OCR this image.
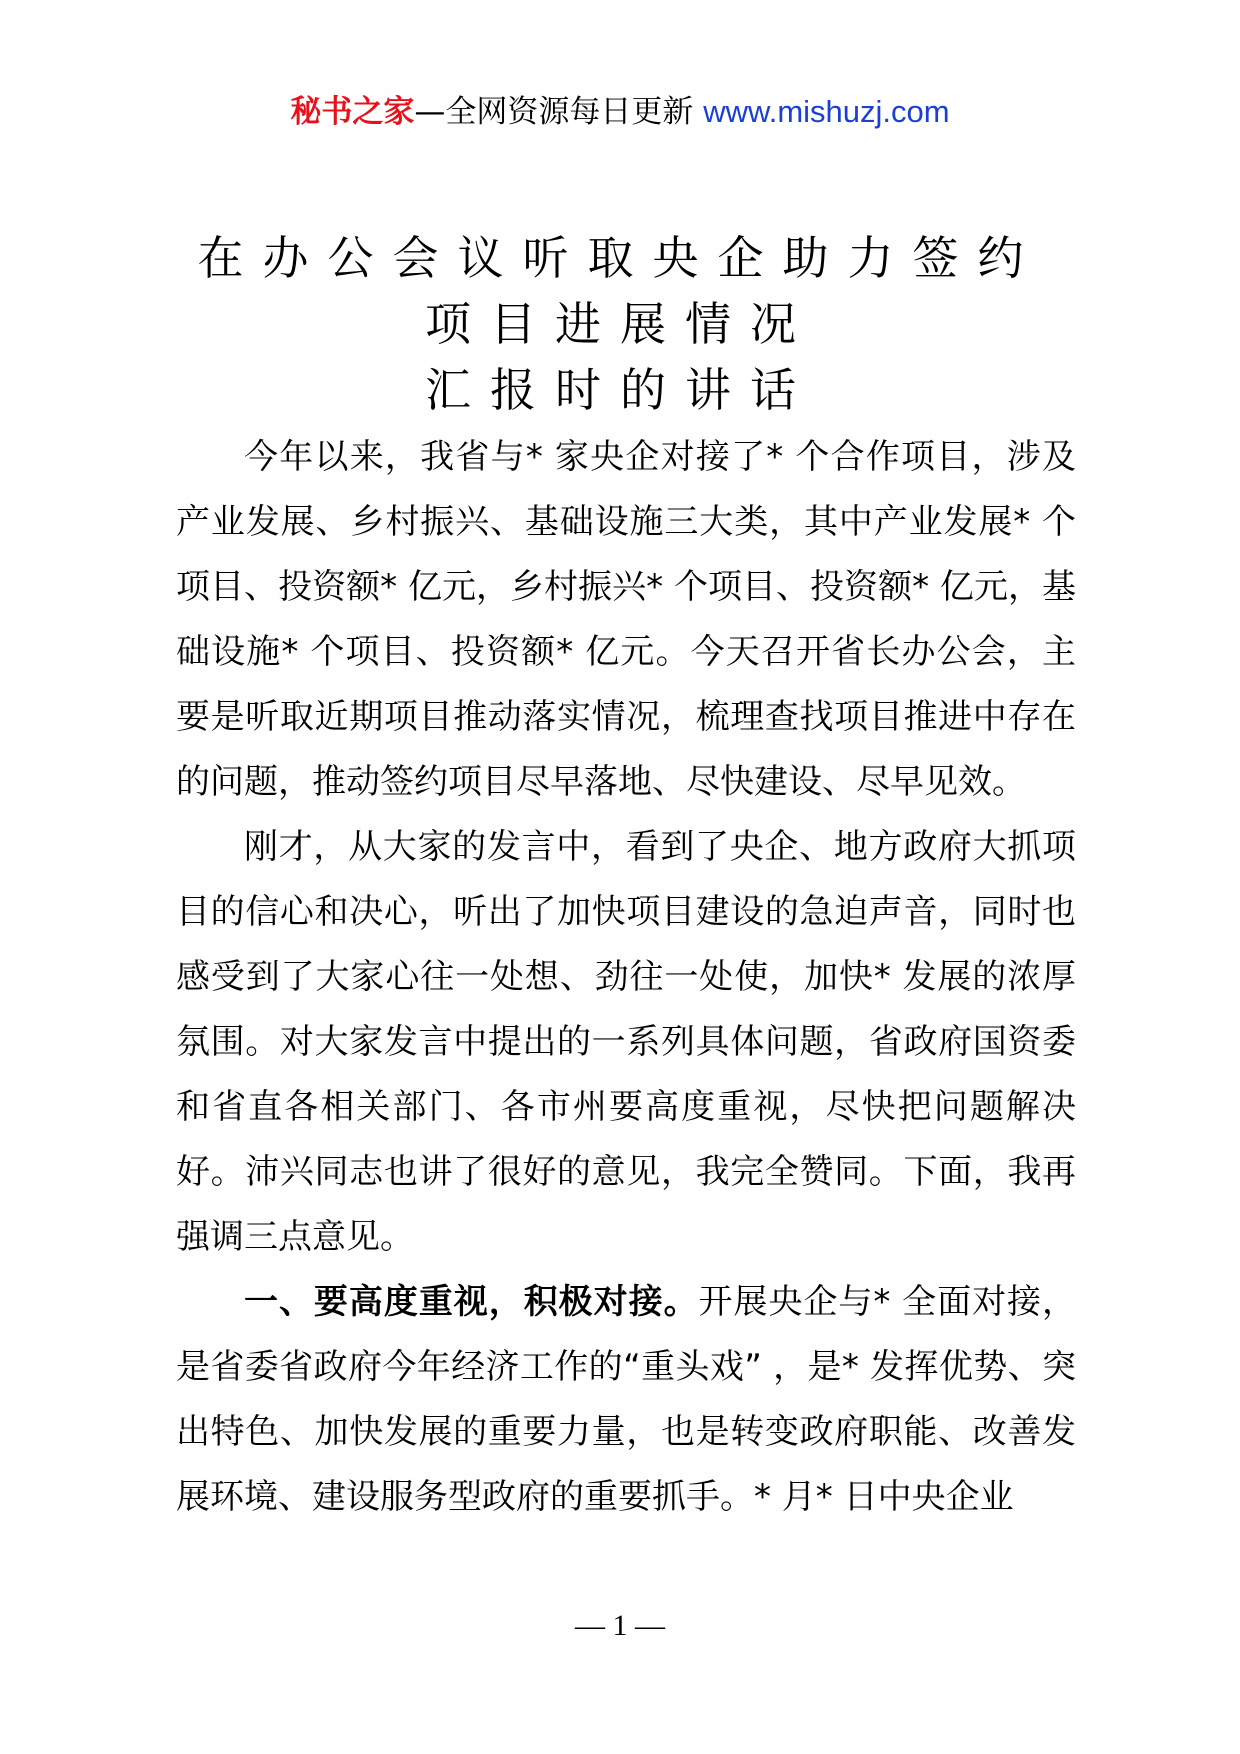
秘书之家—全网资源每日更新 www.mishuzj.com
在办公会议听取央企助力签约
项目进展情况
汇报时的讲话

今年以来，我省与* 家央企对接了* 个合作项目，涉及产业发展、乡村振兴、基础设施三大类，其中产业发展* 个项目、投资额* 亿元，乡村振兴* 个项目、投资额* 亿元，基础设施* 个项目、投资额* 亿元。今天召开省长办公会，主要是听取近期项目推动落实情况，梳理查找项目推进中存在的问题，推动签约项目尽早落地、尽快建设、尽早见效。

刚才，从大家的发言中，看到了央企、地方政府大抓项目的信心和决心，听出了加快项目建设的急迫声音，同时也感受到了大家心往一处想、劲往一处使，加快* 发展的浓厚氛围。对大家发言中提出的一系列具体问题，省政府国资委和省直各相关部门、各市州要高度重视，尽快把问题解决好。沛兴同志也讲了很好的意见，我完全赞同。下面，我再强调三点意见。

一、要高度重视，积极对接。开展央企与* 全面对接，是省委省政府今年经济工作的“重头戏” ，是* 发挥优势、突出特色、加快发展的重要力量，也是转变政府职能、改善发展环境、建设服务型政府的重要抓手。* 月* 日中央企业

— 1 —
